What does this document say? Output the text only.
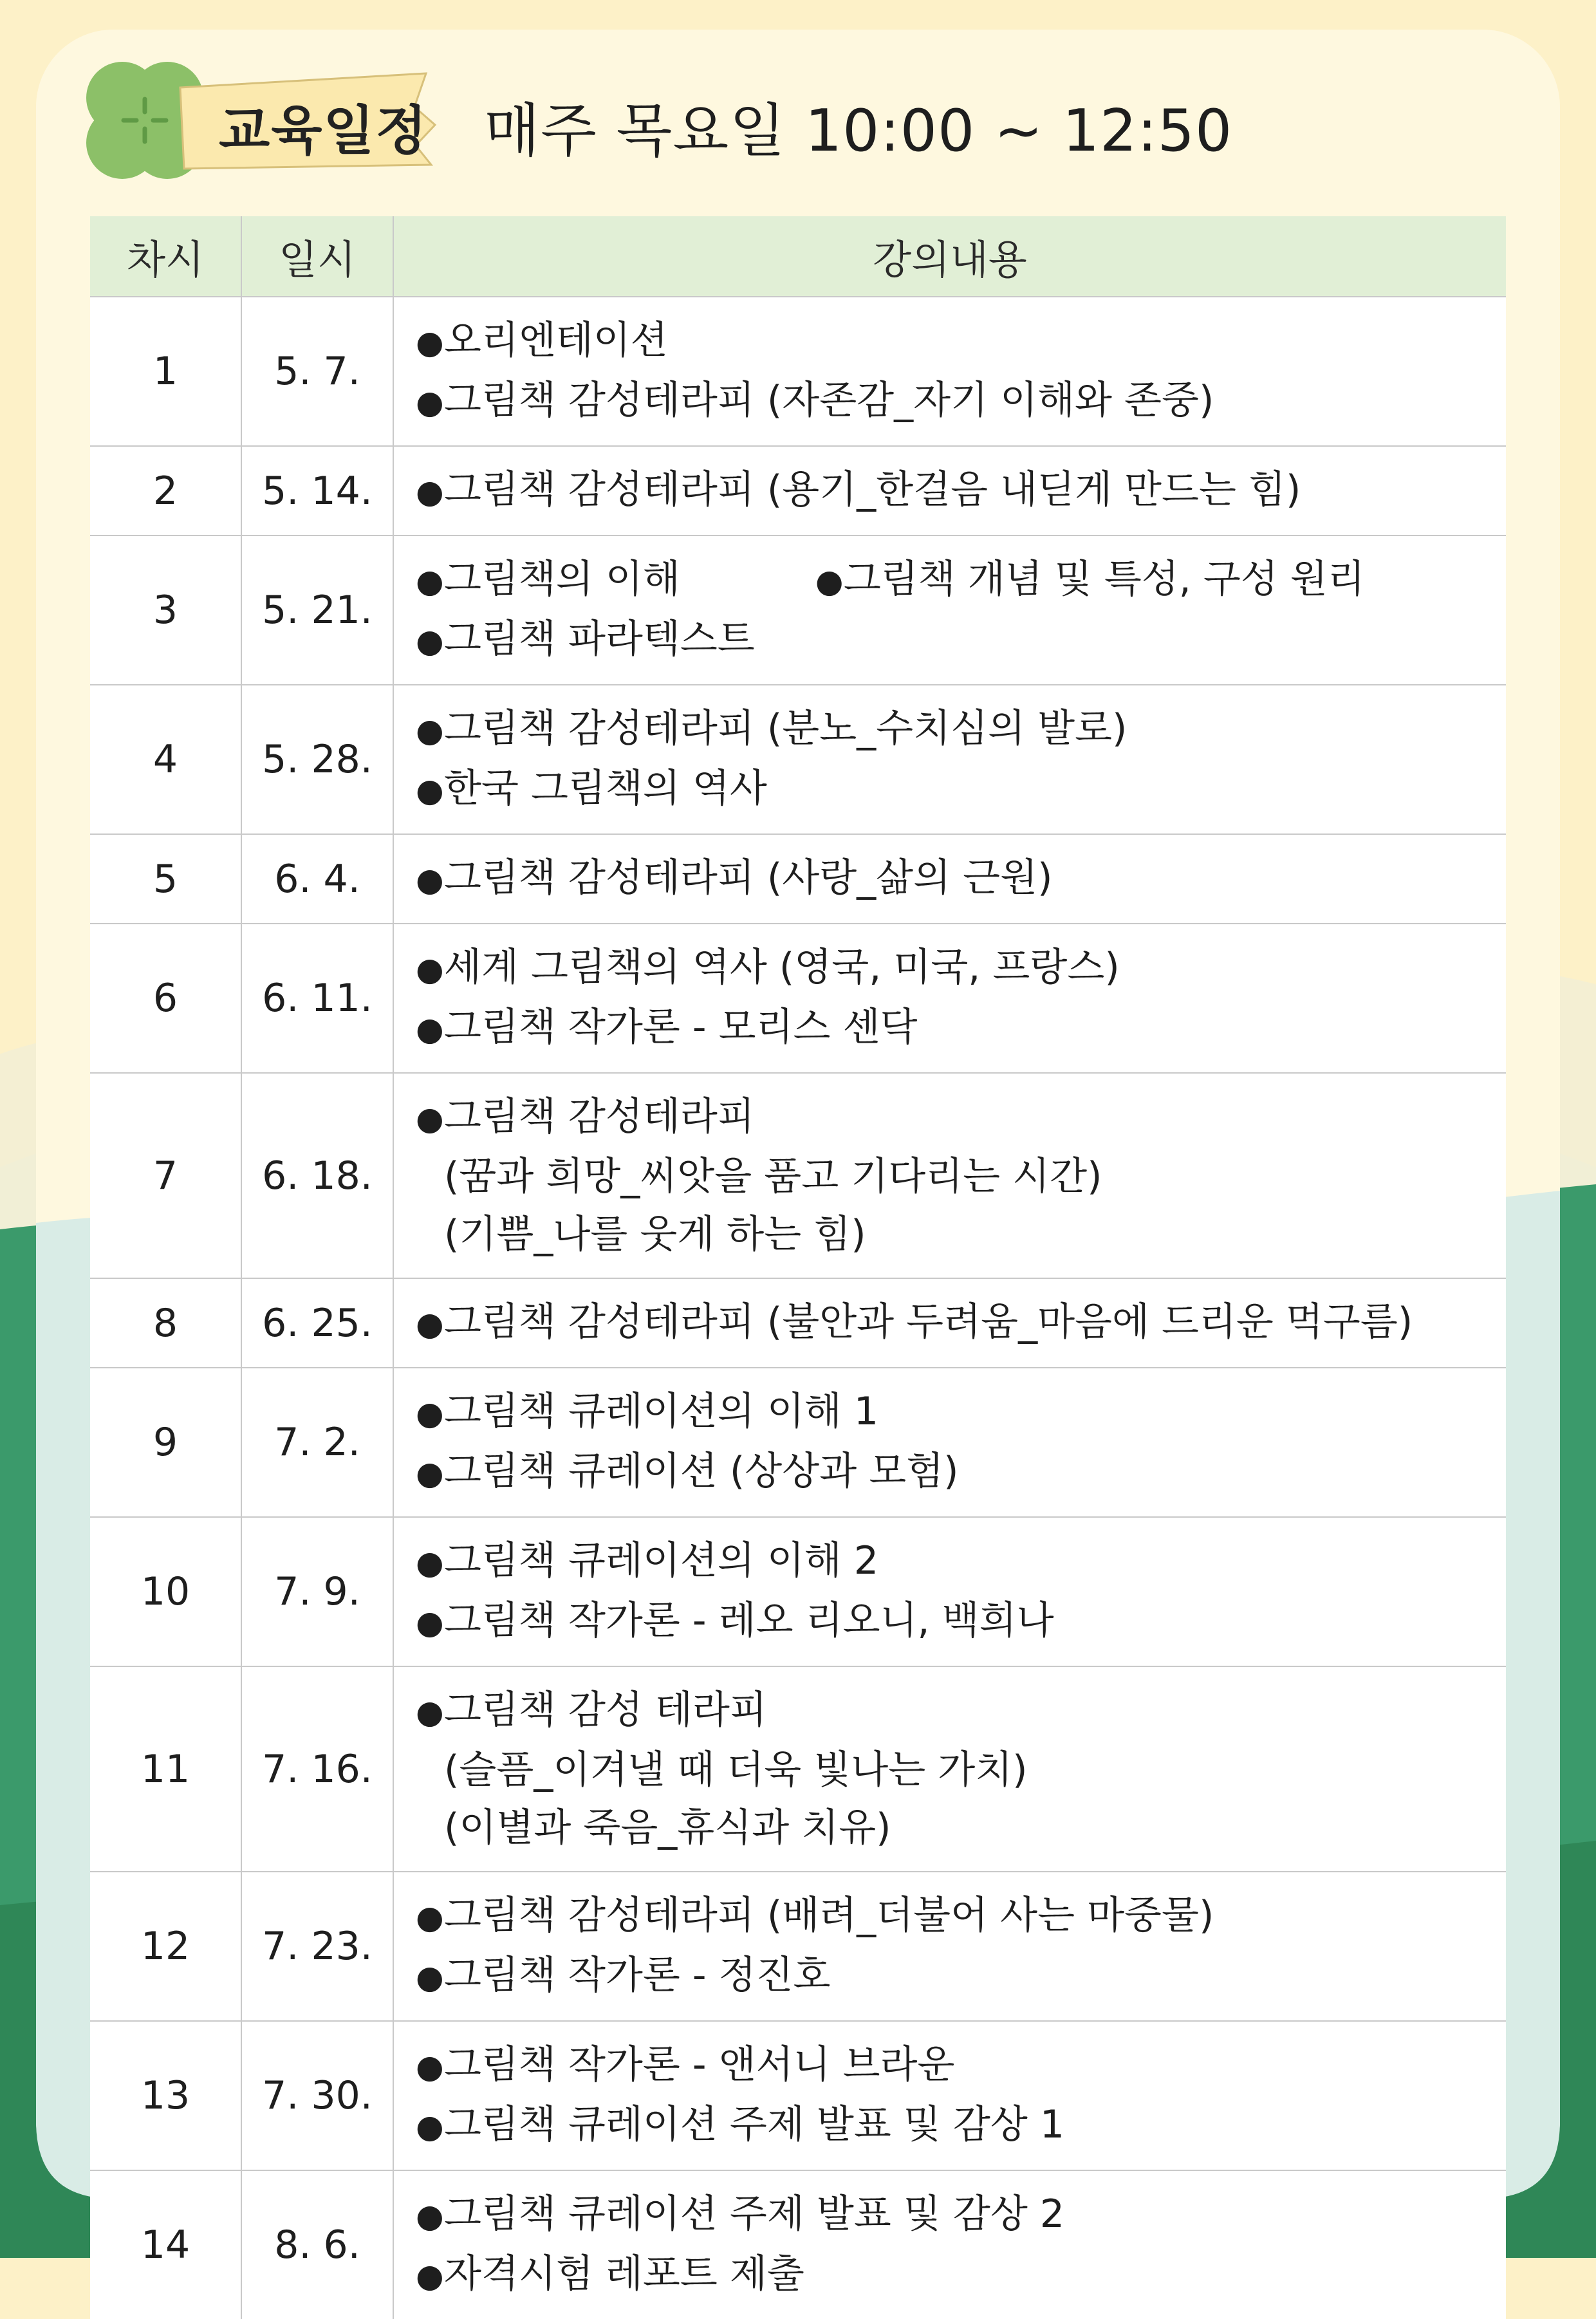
교육일정 매주 목요일 10:00 ~ 12:50
차시	일시	강의내용
1	5. 7.	●오리엔테이션
●그림책 감성테라피 (자존감_자기 이해와 존중)

2	5. 14.	●그림책 감성테라피 (용기_한걸음 내딛게 만드는 힘)

3	5. 21.	●그림책의 이해 ●그림책 개념 및 특성, 구성 원리
●그림책 파라텍스트

4	5. 28.	●그림책 감성테라피 (분노_수치심의 발로)
●한국 그림책의 역사

5	6. 4.	●그림책 감성테라피 (사랑_삶의 근원)

6	6. 11.	●세계 그림책의 역사 (영국, 미국, 프랑스)
●그림책 작가론 - 모리스 센닥

7	6. 18.	●그림책 감성테라피
(꿈과 희망_씨앗을 품고 기다리는 시간)
(기쁨_나를 웃게 하는 힘)

8	6. 25.	●그림책 감성테라피 (불안과 두려움_마음에 드리운 먹구름)

9	7. 2.	●그림책 큐레이션의 이해 1
●그림책 큐레이션 (상상과 모험)

10	7. 9.	●그림책 큐레이션의 이해 2
●그림책 작가론 - 레오 리오니, 백희나

11	7. 16.	●그림책 감성 테라피
(슬픔_이겨낼 때 더욱 빛나는 가치)
(이별과 죽음_휴식과 치유)

12	7. 23.	●그림책 감성테라피 (배려_더불어 사는 마중물)
●그림책 작가론 - 정진호

13	7. 30.	●그림책 작가론 - 앤서니 브라운
●그림책 큐레이션 주제 발표 및 감상 1

14	8. 6.	●그림책 큐레이션 주제 발표 및 감상 2
●자격시험 레포트 제출
